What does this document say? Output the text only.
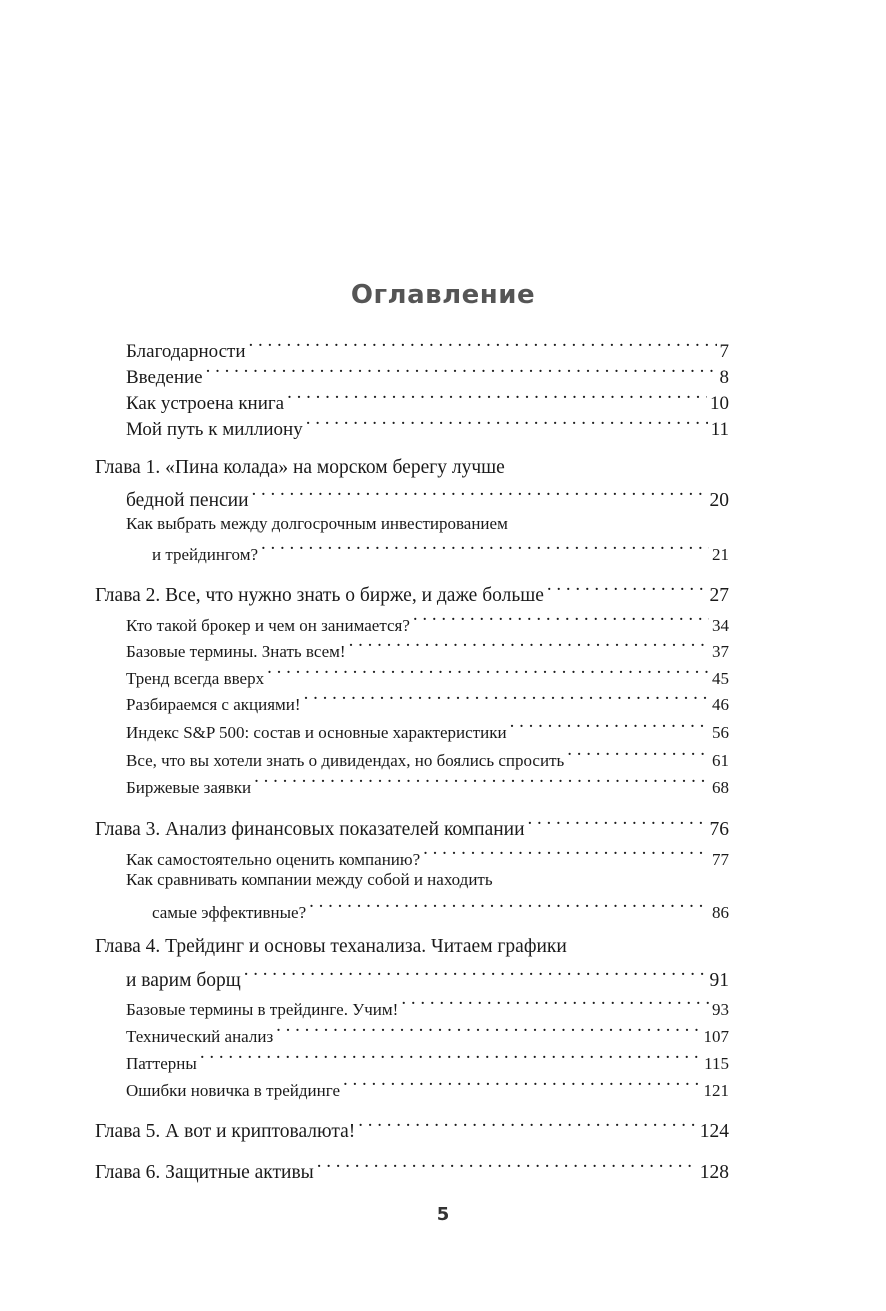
Оглавление
Благодарности . . .	7
Введение . . .	8
Как устроена книга . . .	10
Мой путь к миллиону . . .	11
Глава 1. «Пина колада» на морском берегу лучше
бедной пенсии . . .	20
Как выбрать между долгосрочным инвестированием
и трейдингом? . . .	21
Глава 2. Все, что нужно знать о бирже, и даже больше . . .	27
Кто такой брокер и чем он занимается? . . .	34
Базовые термины. Знать всем! . . .	37
Тренд всегда вверх . . .	45
Разбираемся с акциями! . . .	46
Индекс S&P 500: состав и основные характеристики . . .	56
Все, что вы хотели знать о дивидендах, но боялись спросить . . .	61
Биржевые заявки . . .	68
Глава 3. Анализ финансовых показателей компании . . .	76
Как самостоятельно оценить компанию? . . .	77
Как сравнивать компании между собой и находить
самые эффективные? . . .	86
Глава 4. Трейдинг и основы теханализа. Читаем графики
и варим борщ . . .	91
Базовые термины в трейдинге. Учим! . . .	93
Технический анализ . . .	107
Паттерны . . .	115
Ошибки новичка в трейдинге . . .	121
Глава 5. А вот и криптовалюта! . . .	124
Глава 6. Защитные активы . . .	128
5
